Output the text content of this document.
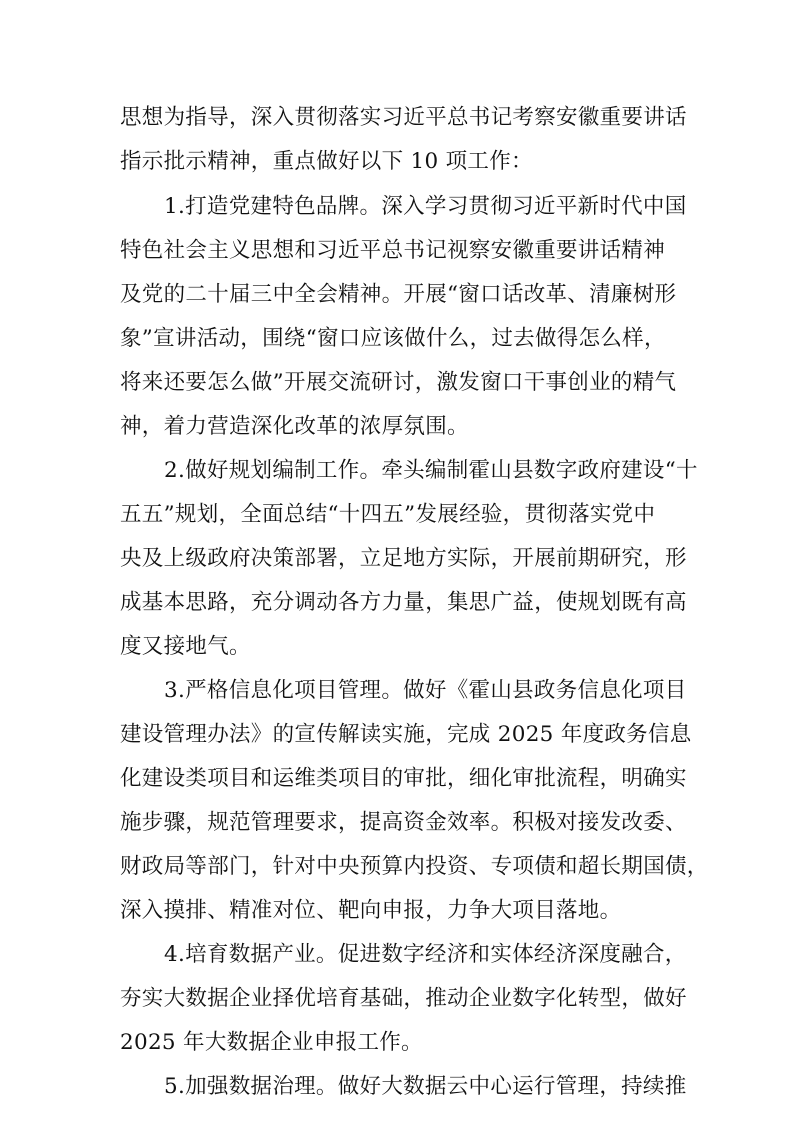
思想为指导，深入贯彻落实习近平总书记考察安徽重要讲话
指示批示精神，重点做好以下 10 项工作：
1.打造党建特色品牌。深入学习贯彻习近平新时代中国
特色社会主义思想和习近平总书记视察安徽重要讲话精神
及党的二十届三中全会精神。开展“窗口话改革、清廉树形
象”宣讲活动，围绕“窗口应该做什么，过去做得怎么样，
将来还要怎么做”开展交流研讨，激发窗口干事创业的精气
神，着力营造深化改革的浓厚氛围。
2.做好规划编制工作。牵头编制霍山县数字政府建设“十
五五”规划，全面总结“十四五”发展经验，贯彻落实党中
央及上级政府决策部署，立足地方实际，开展前期研究，形
成基本思路，充分调动各方力量，集思广益，使规划既有高
度又接地气。
3.严格信息化项目管理。做好《霍山县政务信息化项目
建设管理办法》的宣传解读实施，完成 2025 年度政务信息
化建设类项目和运维类项目的审批，细化审批流程，明确实
施步骤，规范管理要求，提高资金效率。积极对接发改委、
财政局等部门，针对中央预算内投资、专项债和超长期国债，
深入摸排、精准对位、靶向申报，力争大项目落地。
4.培育数据产业。促进数字经济和实体经济深度融合，
夯实大数据企业择优培育基础，推动企业数字化转型，做好
2025 年大数据企业申报工作。
5.加强数据治理。做好大数据云中心运行管理，持续推
